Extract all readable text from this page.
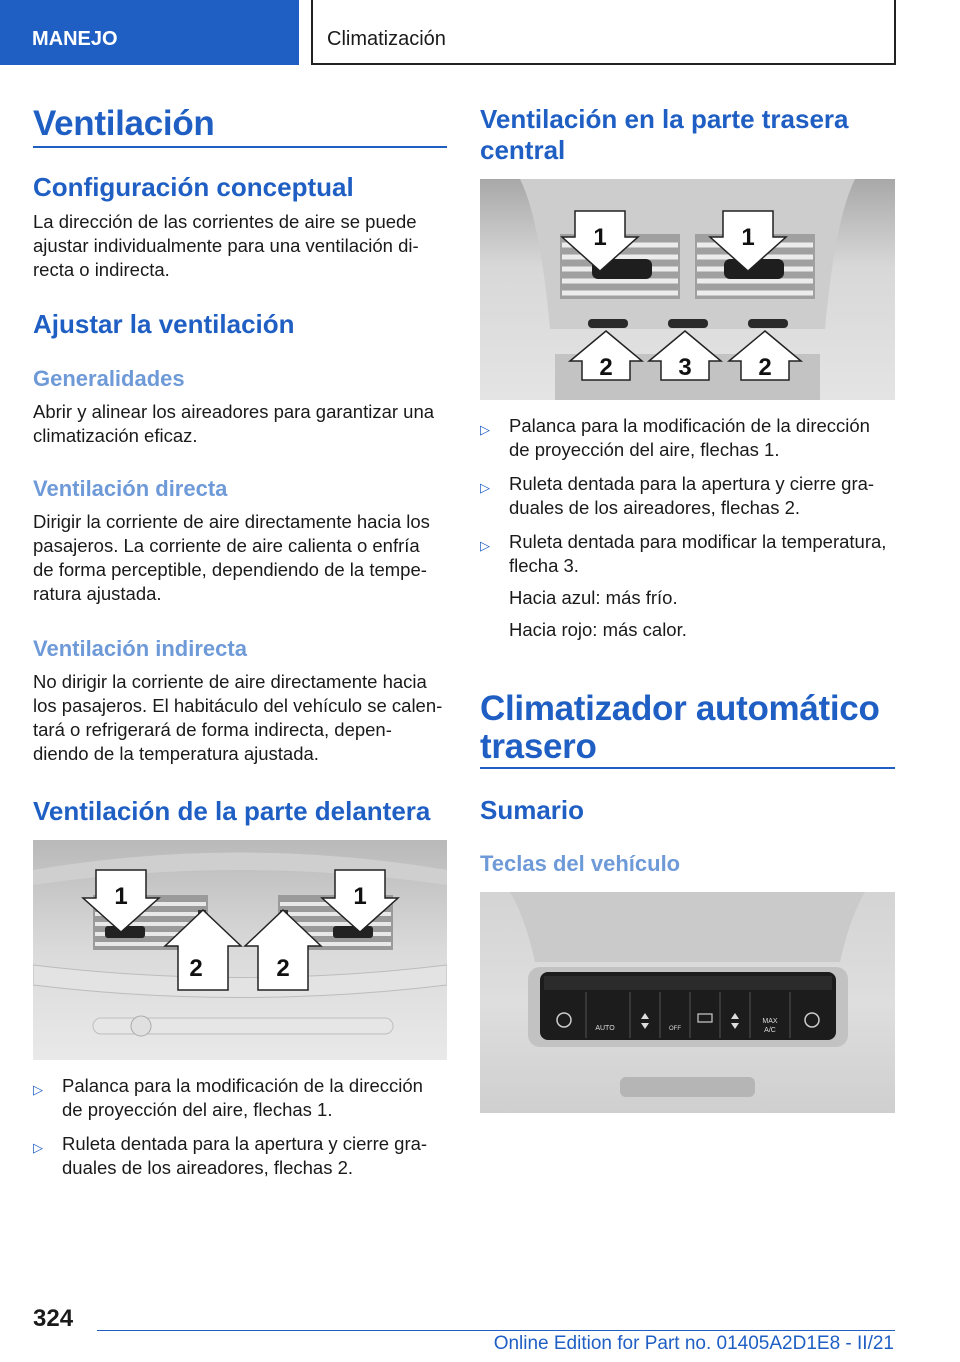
MANEJO	Climatización
Ventilación
Configuración conceptual
La dirección de las corrientes de aire se puede
ajustar individualmente para una ventilación di-
recta o indirecta.
Ajustar la ventilación
Generalidades
Abrir y alinear los aireadores para garantizar una
climatización eficaz.
Ventilación directa
Dirigir la corriente de aire directamente hacia los
pasajeros. La corriente de aire calienta o enfría
de forma perceptible, dependiendo de la tempe-
ratura ajustada.
Ventilación indirecta
No dirigir la corriente de aire directamente hacia
los pasajeros. El habitáculo del vehículo se calen-
tará o refrigerará de forma indirecta, depen-
diendo de la temperatura ajustada.
Ventilación de la parte delantera
1	1
2	2
▷ Palanca para la modificación de la dirección
de proyección del aire, flechas 1.
▷ Ruleta dentada para la apertura y cierre gra-
duales de los aireadores, flechas 2.
Ventilación en la parte trasera
central
1	1
2	3	2
▷ Palanca para la modificación de la dirección
de proyección del aire, flechas 1.
▷ Ruleta dentada para la apertura y cierre gra-
duales de los aireadores, flechas 2.
▷ Ruleta dentada para modificar la temperatura,
flecha 3.
Hacia azul: más frío.
Hacia rojo: más calor.
Climatizador automático
trasero
Sumario
Teclas del vehículo
AUTO	OFF
MAX
A/C
324
Online Edition for Part no. 01405A2D1E8 - II/21
